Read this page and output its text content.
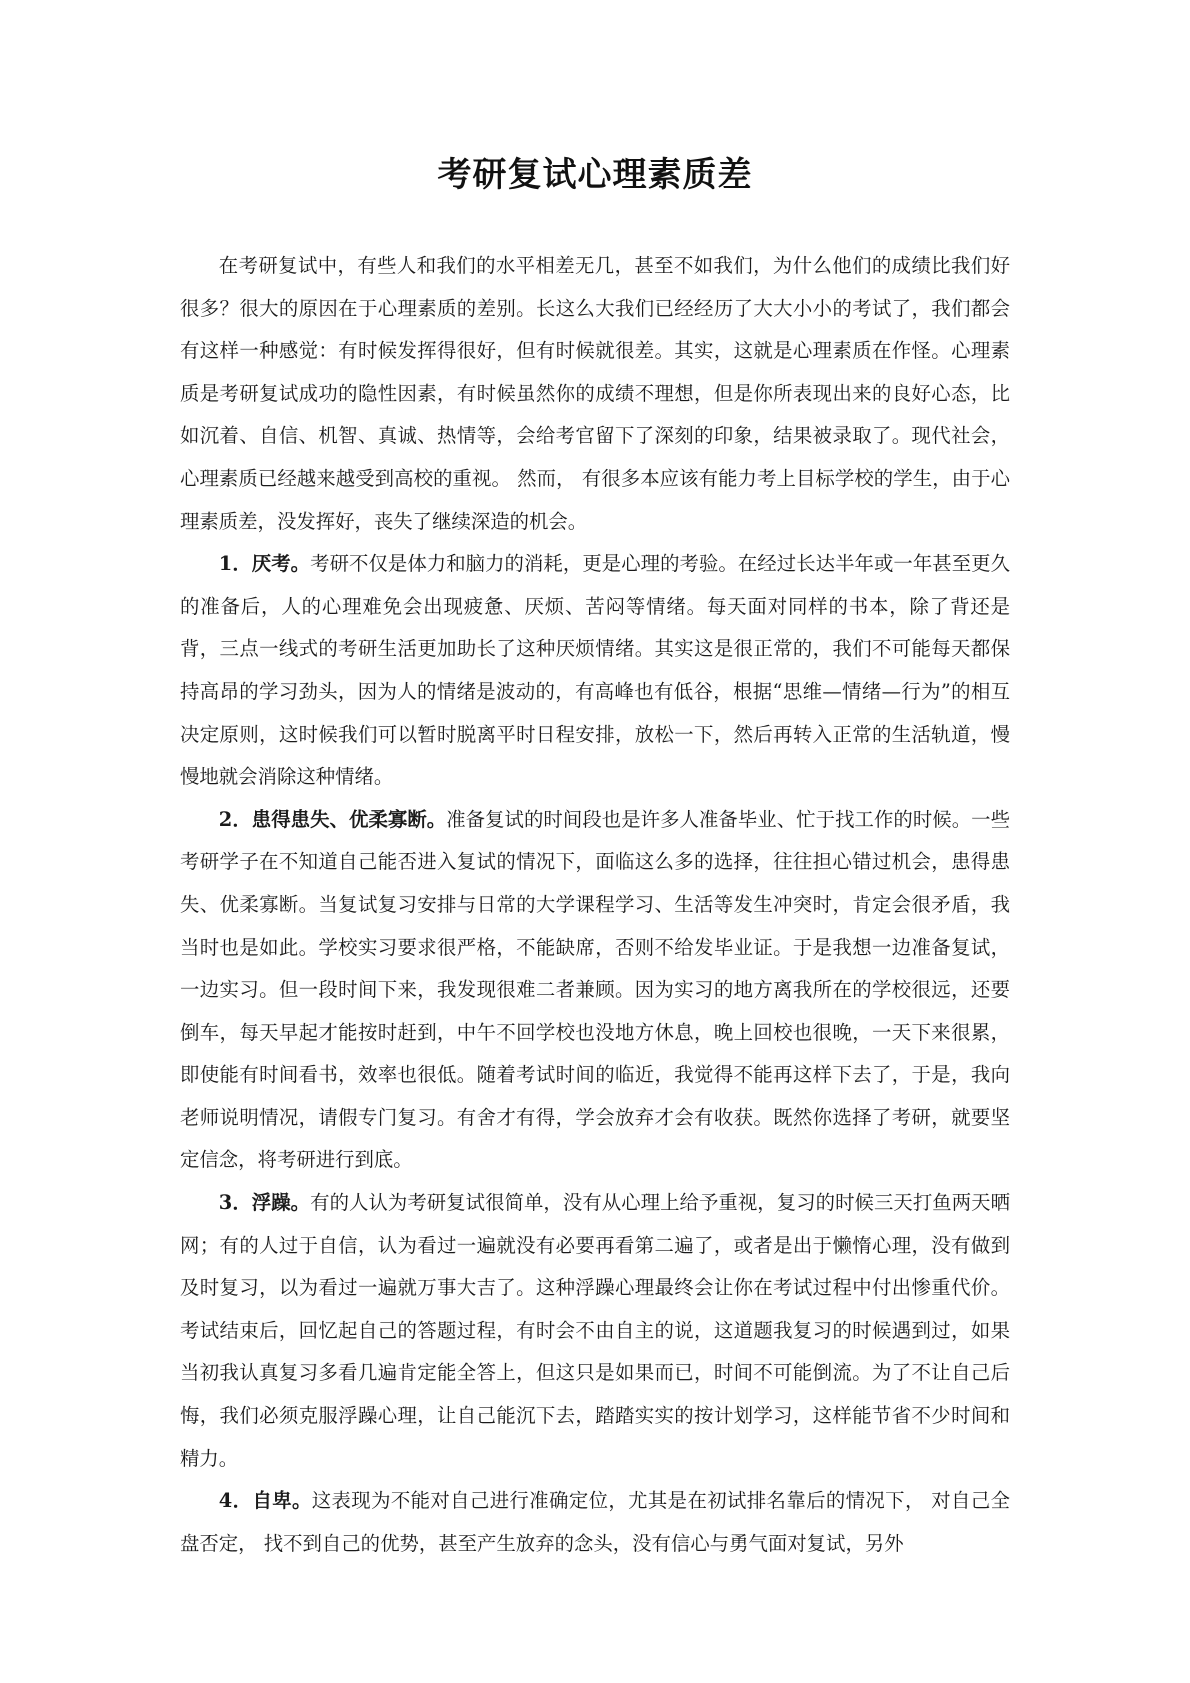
考研复试心理素质差

在考研复试中，有些人和我们的水平相差无几，甚至不如我们，为什么他们的成绩比我们好很多？很大的原因在于心理素质的差别。长这么大我们已经经历了大大小小的考试了，我们都会有这样一种感觉：有时候发挥得很好，但有时候就很差。其实，这就是心理素质在作怪。心理素质是考研复试成功的隐性因素，有时候虽然你的成绩不理想，但是你所表现出来的良好心态，比如沉着、自信、机智、真诚、热情等，会给考官留下了深刻的印象，结果被录取了。现代社会，心理素质已经越来越受到高校的重视。 然而， 有很多本应该有能力考上目标学校的学生，由于心理素质差，没发挥好，丧失了继续深造的机会。

1．厌考。考研不仅是体力和脑力的消耗，更是心理的考验。在经过长达半年或一年甚至更久的准备后，人的心理难免会出现疲惫、厌烦、苦闷等情绪。每天面对同样的书本，除了背还是背，三点一线式的考研生活更加助长了这种厌烦情绪。其实这是很正常的，我们不可能每天都保持高昂的学习劲头，因为人的情绪是波动的，有高峰也有低谷，根据“思维—情绪—行为”的相互决定原则，这时候我们可以暂时脱离平时日程安排，放松一下，然后再转入正常的生活轨道，慢慢地就会消除这种情绪。

2．患得患失、优柔寡断。准备复试的时间段也是许多人准备毕业、忙于找工作的时候。一些考研学子在不知道自己能否进入复试的情况下，面临这么多的选择，往往担心错过机会，患得患失、优柔寡断。当复试复习安排与日常的大学课程学习、生活等发生冲突时，肯定会很矛盾，我当时也是如此。学校实习要求很严格，不能缺席，否则不给发毕业证。于是我想一边准备复试，一边实习。但一段时间下来，我发现很难二者兼顾。因为实习的地方离我所在的学校很远，还要倒车，每天早起才能按时赶到，中午不回学校也没地方休息，晚上回校也很晚，一天下来很累，即使能有时间看书，效率也很低。随着考试时间的临近，我觉得不能再这样下去了，于是，我向老师说明情况，请假专门复习。有舍才有得，学会放弃才会有收获。既然你选择了考研，就要坚定信念，将考研进行到底。

3．浮躁。有的人认为考研复试很简单，没有从心理上给予重视，复习的时候三天打鱼两天晒网；有的人过于自信，认为看过一遍就没有必要再看第二遍了，或者是出于懒惰心理，没有做到及时复习，以为看过一遍就万事大吉了。这种浮躁心理最终会让你在考试过程中付出惨重代价。考试结束后，回忆起自己的答题过程，有时会不由自主的说，这道题我复习的时候遇到过，如果当初我认真复习多看几遍肯定能全答上，但这只是如果而已，时间不可能倒流。为了不让自己后悔，我们必须克服浮躁心理，让自己能沉下去，踏踏实实的按计划学习，这样能节省不少时间和精力。

4．自卑。这表现为不能对自己进行准确定位，尤其是在初试排名靠后的情况下， 对自己全盘否定， 找不到自己的优势，甚至产生放弃的念头，没有信心与勇气面对复试，另外
